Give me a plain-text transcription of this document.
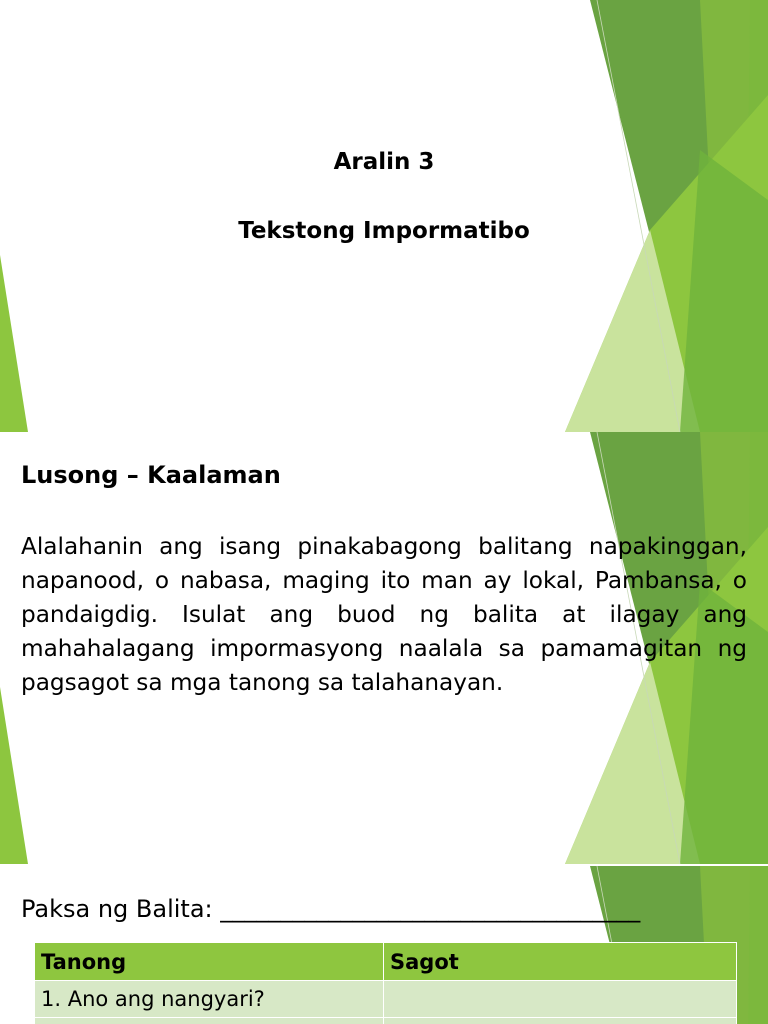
Aralin 3
Tekstong Impormatibo
Lusong – Kaalaman

Alalahanin ang isang pinakabagong balitang napakinggan, napanood, o nabasa, maging ito man ay lokal, Pambansa, o pandaigdig. Isulat ang buod ng balita at ilagay ang mahahalagang impormasyong naalala sa pamamagitan ng pagsagot sa mga tanong sa talahanayan.

Paksa ng Balita: ___________________________________

Tanong	Sagot
1. Ano ang nangyari?	
